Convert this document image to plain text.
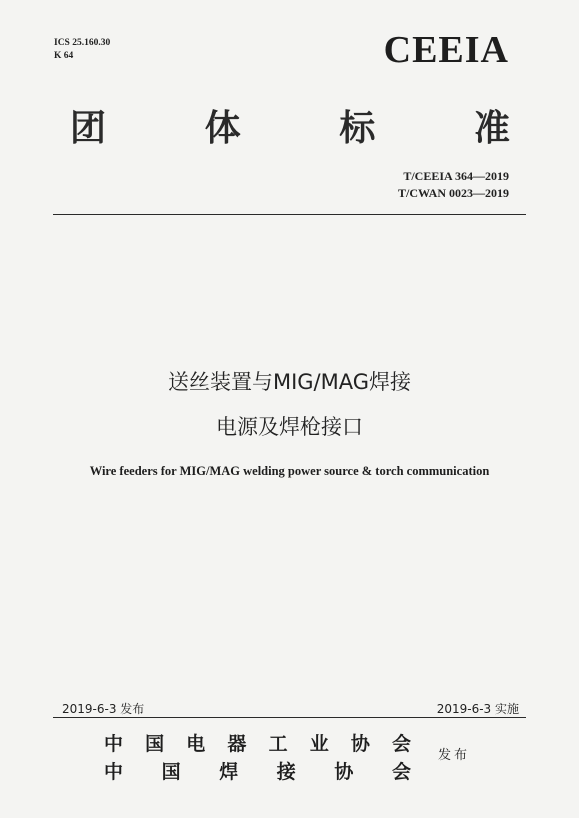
ICS 25.160.30
K 64	CEEIA
团	体	标	准
T/CEEIA 364—2019
T/CWAN 0023—2019
送丝装置与MIG/MAG焊接
电源及焊枪接口
Wire feeders for MIG/MAG welding power source & torch communication
2019-6-3 发布	2019-6-3 实施
中 国 电 器 工 业 协 会
中 国 焊 接 协 会
发布
